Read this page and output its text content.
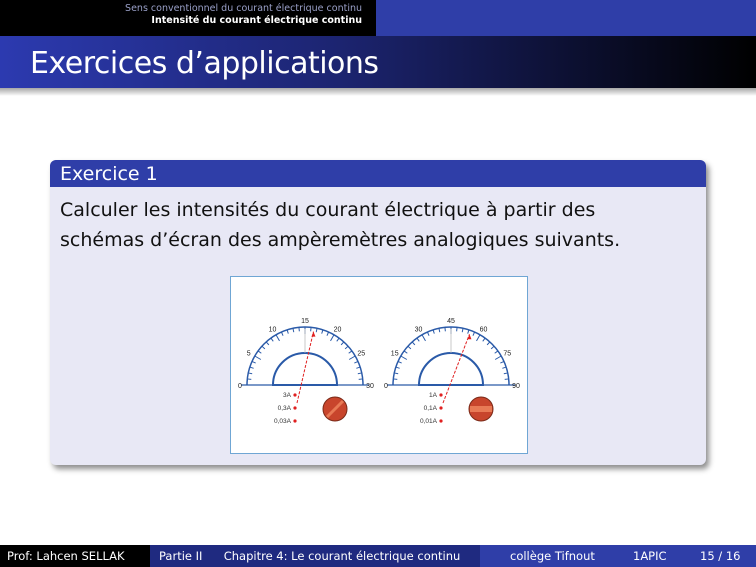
Sens conventionnel du courant électrique continu
Intensité du courant électrique continu
Exercices d’applications
Exercice 1
Calculer les intensités du courant électrique à partir des
schémas d’écran des ampèremètres analogiques suivants.
0
5
10
15
20
25
30
3A
0,3A
0,03A
0
15
30
45
60
75
90
1A
0,1A
0,01A
Prof: Lahcen SELLAK	Partie II Chapitre 4: Le courant électrique continu	collège Tifnout	1APIC	15 / 16
